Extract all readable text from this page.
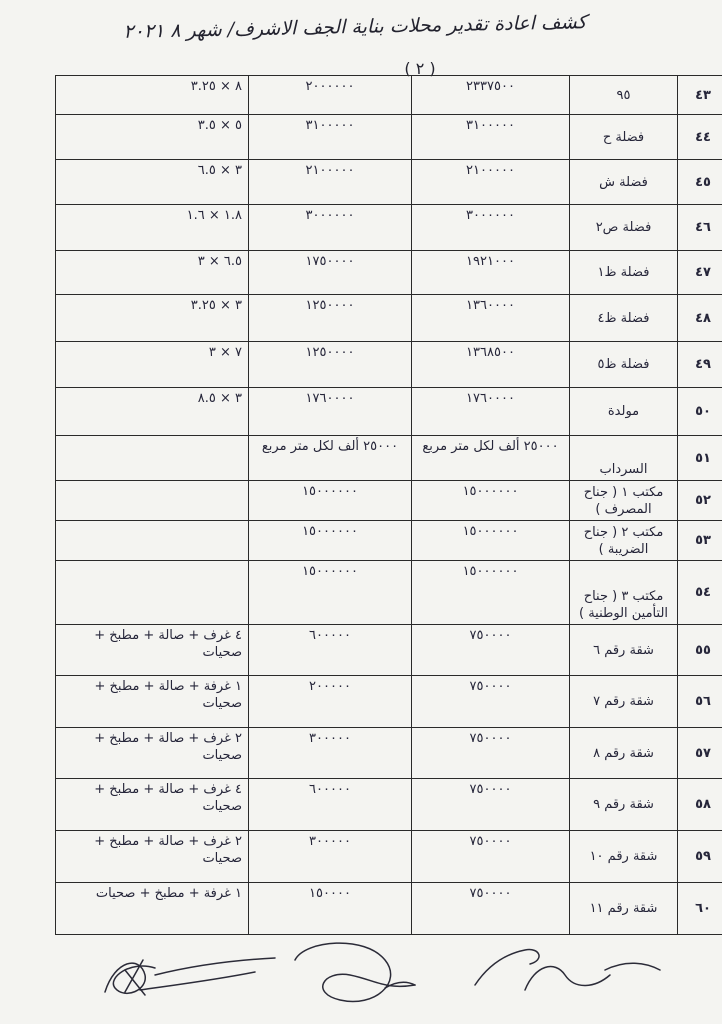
كشف اعادة تقدير محلات بناية الجف الاشرف/ شهر ٨ ٢٠٢١
( ٢ )
٤٣	٩٥	٢٣٣٧٥٠٠	٢٠٠٠٠٠٠	٨ × ٣.٢٥
٤٤	فضلة ح	٣١٠٠٠٠٠	٣١٠٠٠٠٠	٥ × ٣.٥
٤٥	فضلة ش	٢١٠٠٠٠٠	٢١٠٠٠٠٠	٣ × ٦.٥
٤٦	فضلة ص٢	٣٠٠٠٠٠٠	٣٠٠٠٠٠٠	١.٨ × ١.٦
٤٧	فضلة ظ١	١٩٢١٠٠٠	١٧٥٠٠٠٠	٦.٥ × ٣
٤٨	فضلة ظ٤	١٣٦٠٠٠٠	١٢٥٠٠٠٠	٣ × ٣.٢٥
٤٩	فضلة ظ٥	١٣٦٨٥٠٠	١٢٥٠٠٠٠	٧ × ٣
٥٠	مولدة	١٧٦٠٠٠٠	١٧٦٠٠٠٠	٣ × ٨.٥
٥١	السرداب	٢٥٠٠٠ ألف لكل متر مربع	٢٥٠٠٠ ألف لكل متر مربع	
٥٢	مكتب ١ ( جناح المصرف )	١٥٠٠٠٠٠٠	١٥٠٠٠٠٠٠	
٥٣	مكتب ٢ ( جناح الضريبة )	١٥٠٠٠٠٠٠	١٥٠٠٠٠٠٠	
٥٤	مكتب ٣ ( جناح التأمين الوطنية )	١٥٠٠٠٠٠٠	١٥٠٠٠٠٠٠	
٥٥	شقة رقم ٦	٧٥٠٠٠٠	٦٠٠٠٠٠	٤ غرف + صالة + مطبخ + صحيات
٥٦	شقة رقم ٧	٧٥٠٠٠٠	٢٠٠٠٠٠	١ غرفة + صالة + مطبخ + صحيات
٥٧	شقة رقم ٨	٧٥٠٠٠٠	٣٠٠٠٠٠	٢ غرف + صالة + مطبخ + صحيات
٥٨	شقة رقم ٩	٧٥٠٠٠٠	٦٠٠٠٠٠	٤ غرف + صالة + مطبخ + صحيات
٥٩	شقة رقم ١٠	٧٥٠٠٠٠	٣٠٠٠٠٠	٢ غرف + صالة + مطبخ + صحيات
٦٠	شقة رقم ١١	٧٥٠٠٠٠	١٥٠٠٠٠	١ غرفة + مطبخ + صحيات
